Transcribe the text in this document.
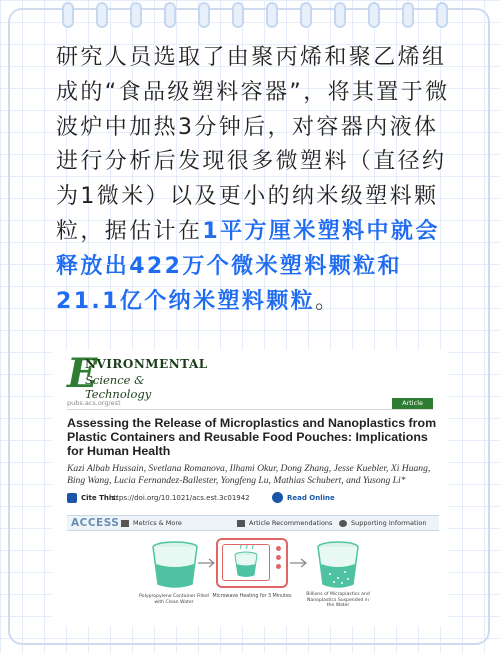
研究人员选取了由聚丙烯和聚乙烯组成的“食品级塑料容器”，将其置于微波炉中加热3分钟后，对容器内液体进行分析后发现很多微塑料（直径约为1微米）以及更小的纳米级塑料颗粒，据估计在1平方厘米塑料中就会释放出422万个微米塑料颗粒和21.1亿个纳米塑料颗粒。
E
NVIRONMENTAL
Science & Technology
pubs.acs.org/est	Article
Assessing the Release of Microplastics and Nanoplastics from Plastic Containers and Reusable Food Pouches: Implications for Human Health
Kazi Albab Hussain, Svetlana Romanova, Ilhami Okur, Dong Zhang, Jesse Kuebler, Xi Huang, Bing Wang, Lucia Fernandez-Ballester, Yongfeng Lu, Mathias Schubert, and Yusong Li*
Cite This:
https://doi.org/10.1021/acs.est.3c01942	Read Online
ACCESS Metrics & More	Article Recommendations	Supporting Information
Polypropylene Container Filled with Clean Water
Microwave Heating for 3 Minutes	Billions of Microplastics and Nanoplastics Suspended in the Water
